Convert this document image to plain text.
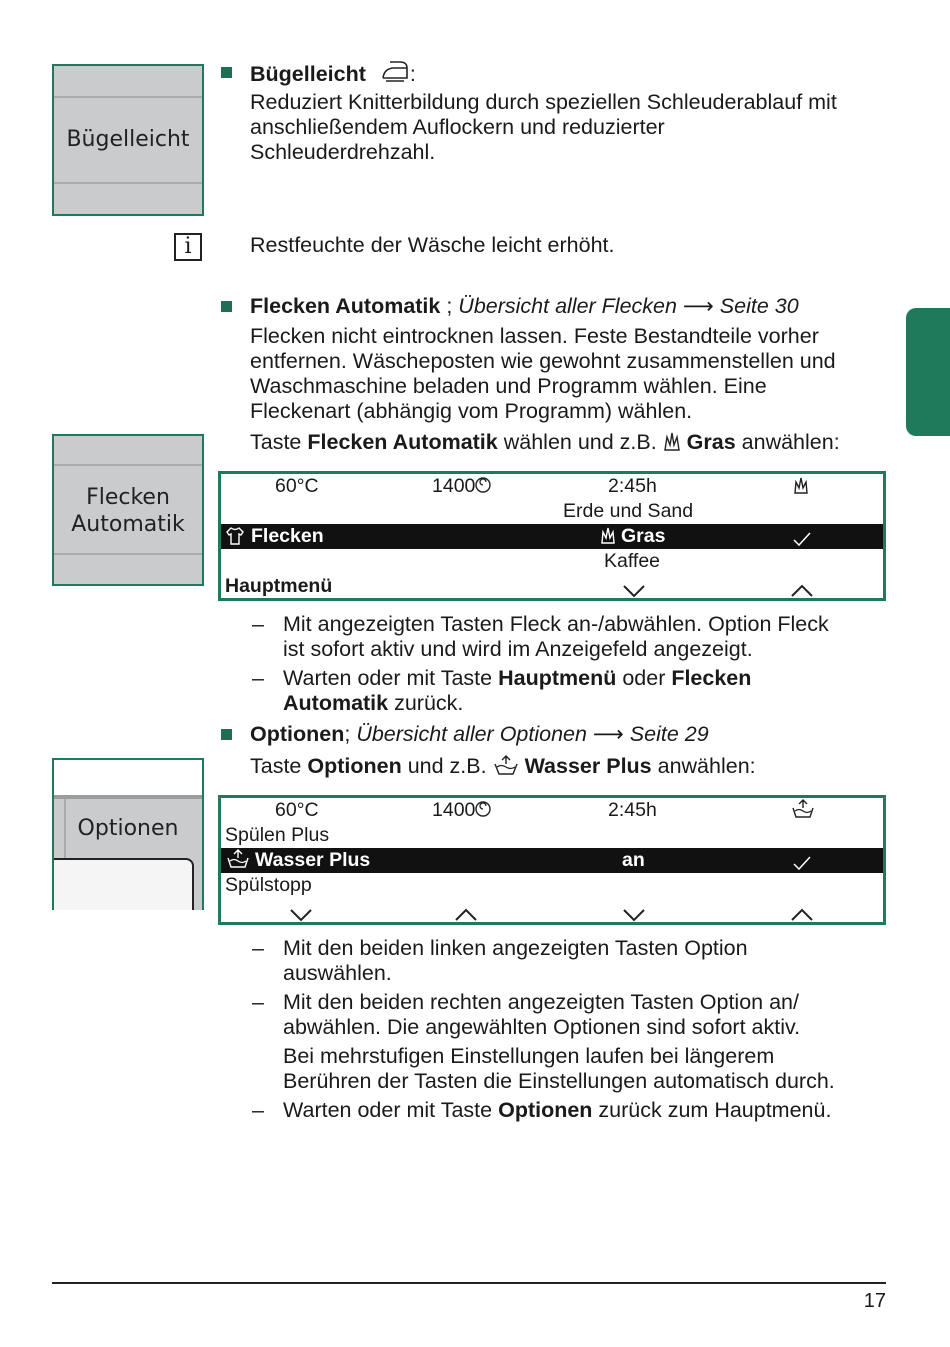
Bügelleicht
Flecken
Automatik
Optionen
Bügelleicht :
Reduziert Knitterbildung durch speziellen Schleuderablauf mit
anschließendem Auflockern und reduzierter
Schleuderdrehzahl.
i	Restfeuchte der Wäsche leicht erhöht.
Flecken Automatik ; Übersicht aller Flecken ⟶ Seite 30
Flecken nicht eintrocknen lassen. Feste Bestandteile vorher
entfernen. Wäscheposten wie gewohnt zusammenstellen und
Waschmaschine beladen und Programm wählen. Eine
Fleckenart (abhängig vom Programm) wählen.
Taste Flecken Automatik wählen und z.B.  Gras anwählen:
60°C	1400	2:45h
Erde und Sand
Flecken	Gras
Kaffee
Hauptmenü
– Mit angezeigten Tasten Fleck an-/abwählen. Option Fleck
ist sofort aktiv und wird im Anzeigefeld angezeigt.
– Warten oder mit Taste Hauptmenü oder Flecken
Automatik zurück.
Optionen; Übersicht aller Optionen ⟶ Seite 29
Taste Optionen und z.B.  Wasser Plus anwählen:
60°C	1400	2:45h
Spülen Plus
Wasser Plus	an
Spülstopp
– Mit den beiden linken angezeigten Tasten Option
auswählen.
– Mit den beiden rechten angezeigten Tasten Option an/
abwählen. Die angewählten Optionen sind sofort aktiv.
Bei mehrstufigen Einstellungen laufen bei längerem
Berühren der Tasten die Einstellungen automatisch durch.
– Warten oder mit Taste Optionen zurück zum Hauptmenü.
17
